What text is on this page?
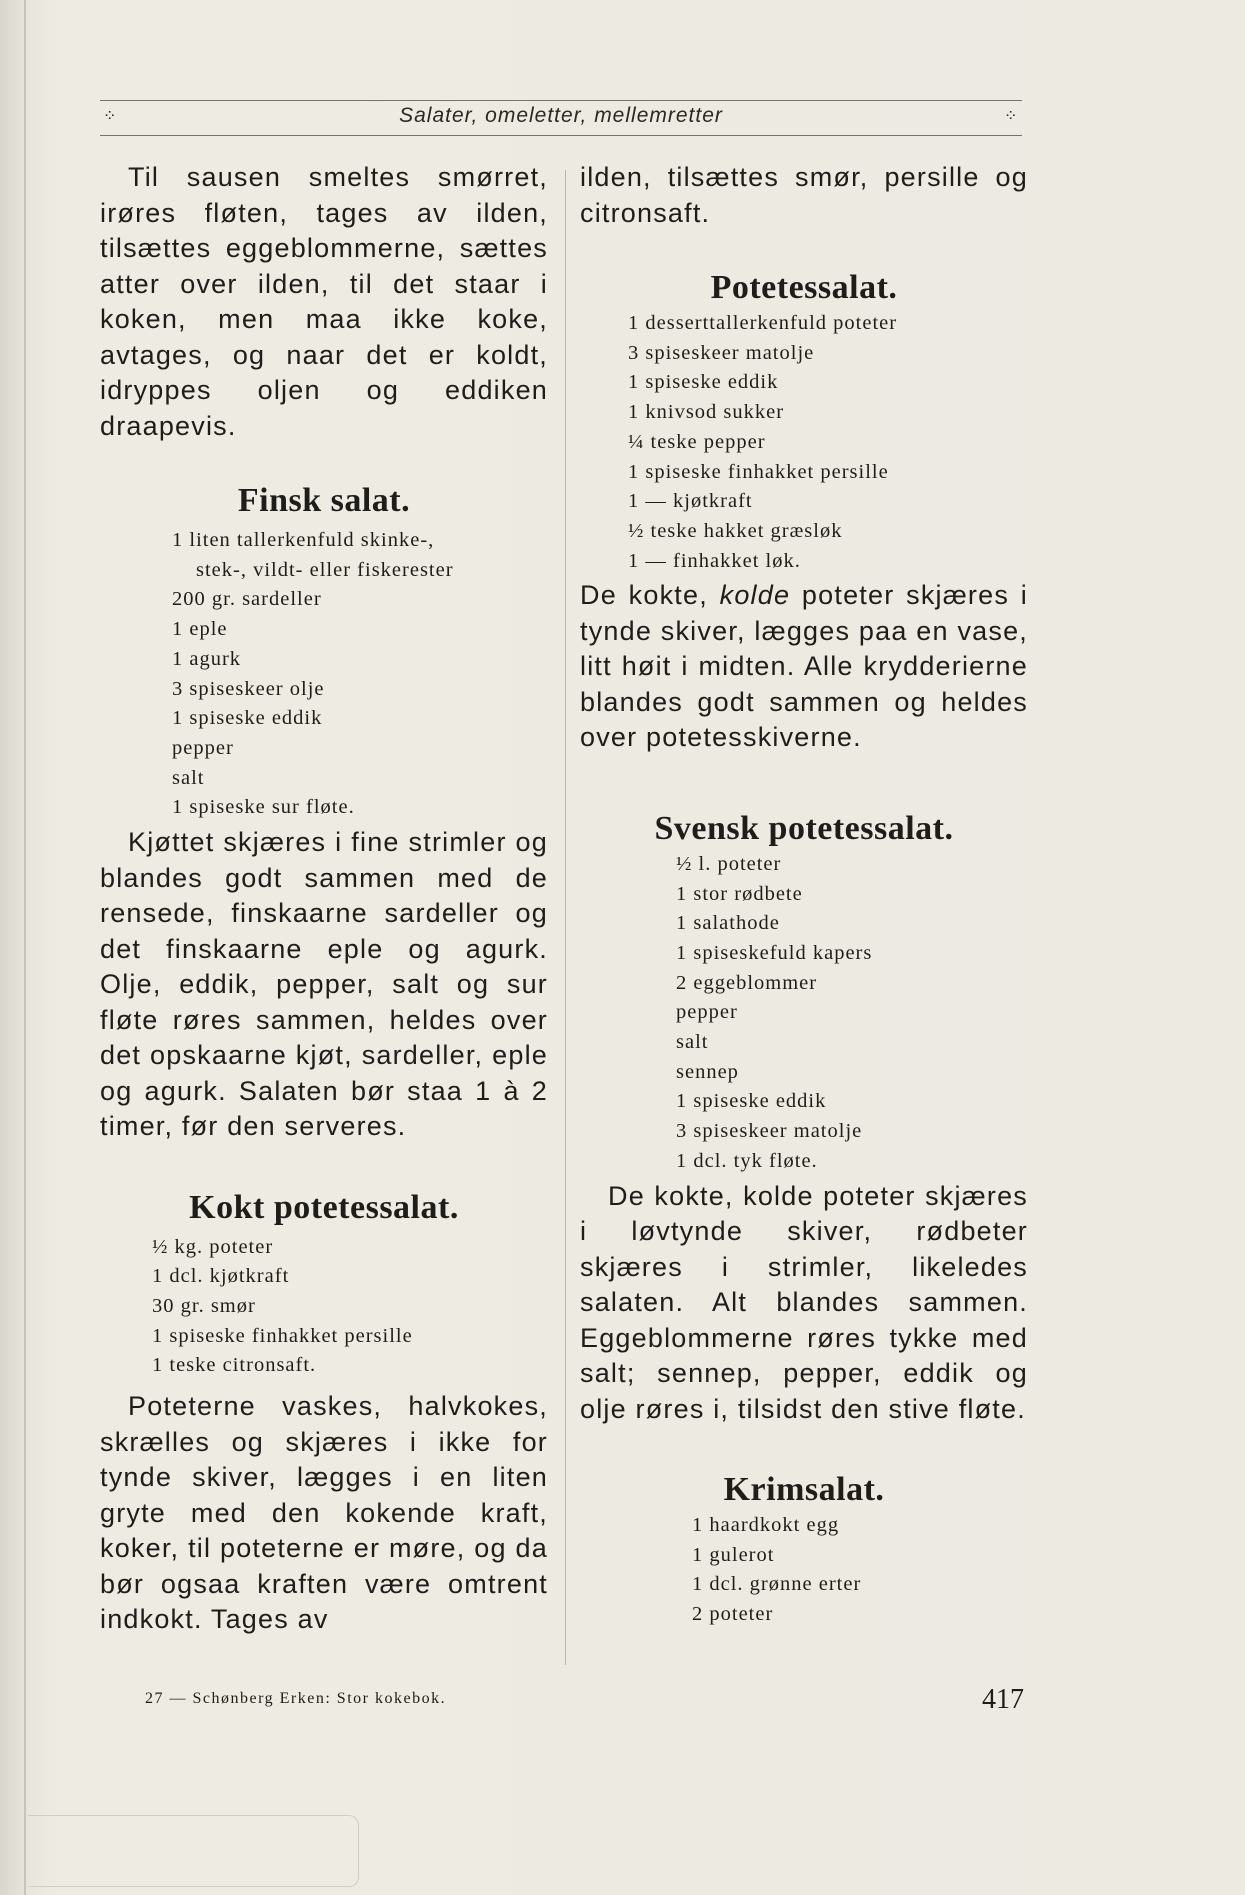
⁘	Salater, omeletter, mellemretter	⁘

Til sausen smeltes smørret, irøres fløten, tages av ilden, tilsættes eggeblommerne, sættes atter over ilden, til det staar i koken, men maa ikke koke, avtages, og naar det er koldt, idryppes oljen og eddiken draapevis.

Finsk salat.
1 liten tallerkenfuld skinke-,
stek-, vildt- eller fiskerester
200 gr. sardeller
1 eple
1 agurk
3 spiseskeer olje
1 spiseske eddik
pepper
salt
1 spiseske sur fløte.

Kjøttet skjæres i fine strimler og blandes godt sammen med de rensede, finskaarne sardeller og det finskaarne eple og agurk. Olje, eddik, pepper, salt og sur fløte røres sammen, heldes over det opskaarne kjøt, sardeller, eple og agurk. Salaten bør staa 1 à 2 timer, før den serveres.

Kokt potetessalat.
½ kg. poteter
1 dcl. kjøtkraft
30 gr. smør
1 spiseske finhakket persille
1 teske citronsaft.

Poteterne vaskes, halvkokes, skrælles og skjæres i ikke for tynde skiver, lægges i en liten gryte med den kokende kraft, koker, til poteterne er møre, og da bør ogsaa kraften være omtrent indkokt. Tages av

ilden, tilsættes smør, persille og citronsaft.

Potetessalat.
1 desserttallerkenfuld poteter
3 spiseskeer matolje
1 spiseske eddik
1 knivsod sukker
¼ teske pepper
1 spiseske finhakket persille
1 — kjøtkraft
½ teske hakket græsløk
1 — finhakket løk.

De kokte, kolde poteter skjæres i tynde skiver, lægges paa en vase, litt høit i midten. Alle krydderierne blandes godt sammen og heldes over potetesskiverne.

Svensk potetessalat.
½ l. poteter
1 stor rødbete
1 salathode
1 spiseskefuld kapers
2 eggeblommer
pepper
salt
sennep
1 spiseske eddik
3 spiseskeer matolje
1 dcl. tyk fløte.

De kokte, kolde poteter skjæres i løvtynde skiver, rødbeter skjæres i strimler, likeledes salaten. Alt blandes sammen. Eggeblommerne røres tykke med salt; sennep, pepper, eddik og olje røres i, tilsidst den stive fløte.

Krimsalat.
1 haardkokt egg
1 gulerot
1 dcl. grønne erter
2 poteter
27 — Schønberg Erken: Stor kokebok.	417
